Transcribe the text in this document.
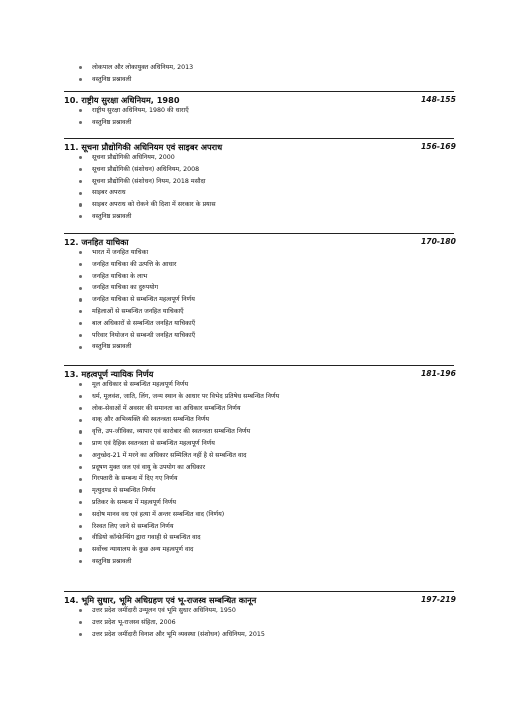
लोकपाल और लोकायुक्त अधिनियम, 2013
वस्तुनिष्ठ प्रश्नावली
10. राष्ट्रीय सुरक्षा अधिनियम, 1980	148-155
राष्ट्रीय सुरक्षा अधिनियम, 1980 की धाराएँ
वस्तुनिष्ठ प्रश्नावली
11. सूचना प्रौद्योगिकी अधिनियम एवं साइबर अपराध	156-169
सूचना प्रौद्योगिकी अधिनियम, 2000
सूचना प्रौद्योगिकी (संशोधन) अधिनियम, 2008
सूचना प्रौद्योगिकी (संशोधन) नियम, 2018 मसौदा
साइबर अपराध
साइबर अपराध को रोकने की दिशा में सरकार के प्रयास
वस्तुनिष्ठ प्रश्नावली
12. जनहित याचिका	170-180
भारत में जनहित याचिका
जनहित याचिका की उत्पत्ति के आधार
जनहित याचिका के लाभ
जनहित याचिका का दुरुपयोग
जनहित याचिका से सम्बन्धित महत्वपूर्ण निर्णय
महिलाओं से सम्बन्धित जनहित याचिकाएँ
बाल अधिकारों से सम्बन्धित जनहित याचिकाएँ
परिवार नियोजन से सम्बन्धी जनहित याचिकाएँ
वस्तुनिष्ठ प्रश्नावली
13. महत्वपूर्ण न्यायिक निर्णय	181-196
मूल अधिकार से सम्बन्धित महत्वपूर्ण निर्णय
धर्म, मूलवंश, जाति, लिंग, जन्म स्थान के आधार पर विभेद प्रतिषेध सम्बन्धित निर्णय
लोक-सेवाओं में अवसर की समानता का अधिकार सम्बन्धित निर्णय
वाक् और अभिव्यक्ति की स्वतन्त्रता सम्बन्धित निर्णय
वृत्ति, उप-जीविका, व्यापार एवं कारोबार की स्वतन्त्रता सम्बन्धित निर्णय
प्राण एवं दैहिक स्वतन्त्रता से सम्बन्धित महत्वपूर्ण निर्णय
अनुच्छेद-21 में मरने का अधिकार सम्मिलित नहीं है से सम्बन्धित वाद
प्रदूषण मुक्त जल एवं वायु के उपयोग का अधिकार
गिरफ्तारी के सम्बन्ध में दिए गए निर्णय
मृत्युदण्ड से सम्बन्धित निर्णय
प्रतिकर के सम्बन्ध में महत्वपूर्ण निर्णय
सदोष मानव वध एवं हत्या में अन्तर सम्बन्धित वाद (निर्णय)
रिश्वत लिए जाने से सम्बन्धित निर्णय
वीडियो कॉन्फ्रेन्सिंग द्वारा गवाही से सम्बन्धित वाद
सर्वोच्च न्यायालय के कुछ अन्य महत्वपूर्ण वाद
वस्तुनिष्ठ प्रश्नावली
14. भूमि सुधार, भूमि अधिग्रहण एवं भू-राजस्व सम्बन्धित कानून	197-219
उत्तर प्रदेश जमींदारी उन्मूलन एवं भूमि सुधार अधिनियम, 1950
उत्तर प्रदेश भू-राजस्व संहिता, 2006
उत्तर प्रदेश जमींदारी विनाश और भूमि व्यवस्था (संशोधन) अधिनियम, 2015
